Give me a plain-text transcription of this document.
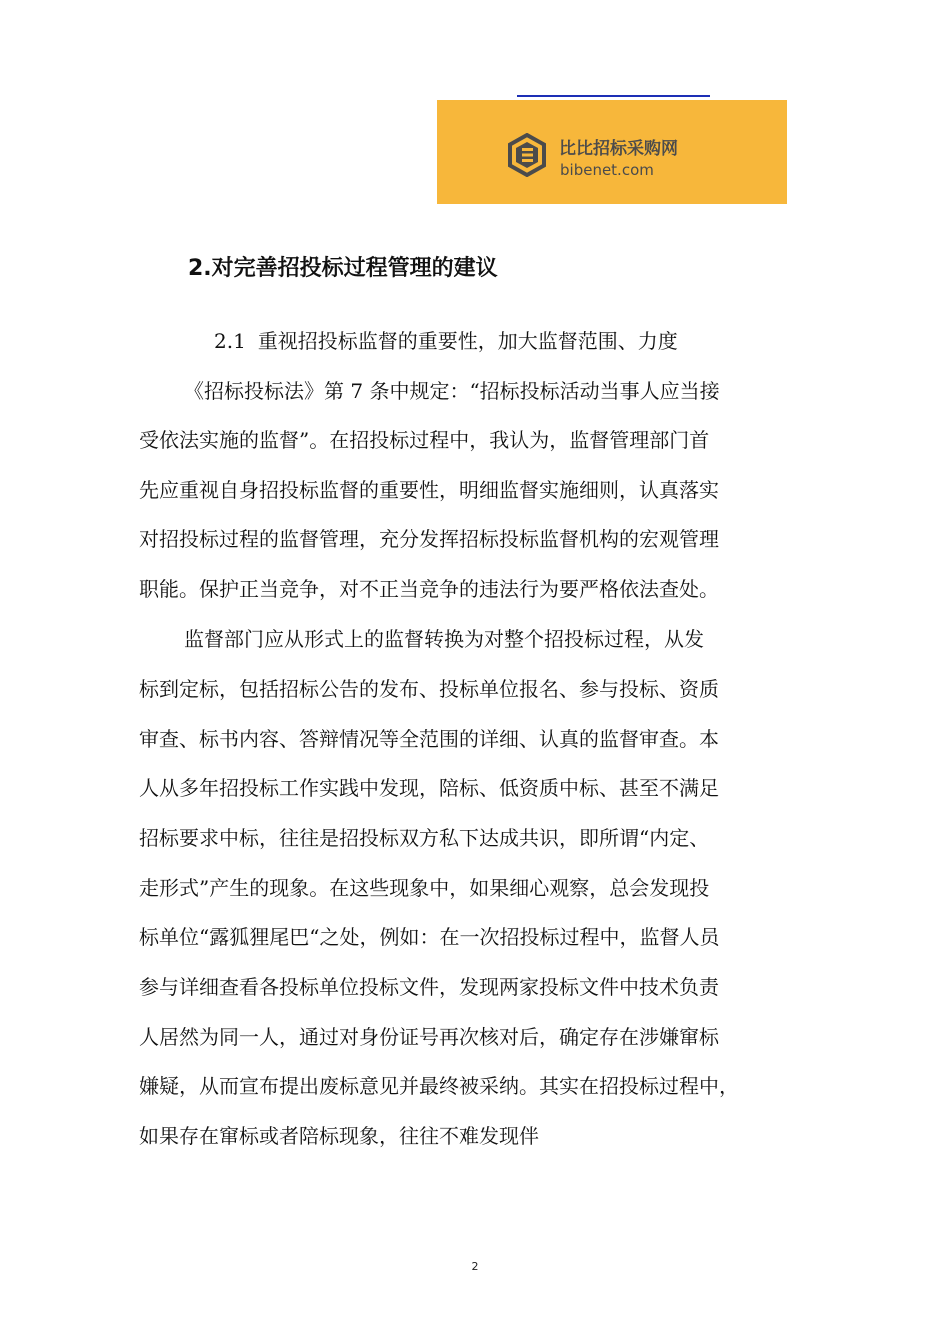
比比招标采购网
bibenet.com
2.对完善招投标过程管理的建议
2.1 重视招投标监督的重要性，加大监督范围、力度
《招标投标法》第 7 条中规定：“招标投标活动当事人应当接
受依法实施的监督”。在招投标过程中，我认为，监督管理部门首
先应重视自身招投标监督的重要性，明细监督实施细则，认真落实
对招投标过程的监督管理，充分发挥招标投标监督机构的宏观管理
职能。保护正当竞争，对不正当竞争的违法行为要严格依法查处。
监督部门应从形式上的监督转换为对整个招投标过程，从发
标到定标，包括招标公告的发布、投标单位报名、参与投标、资质
审查、标书内容、答辩情况等全范围的详细、认真的监督审查。本
人从多年招投标工作实践中发现，陪标、低资质中标、甚至不满足
招标要求中标，往往是招投标双方私下达成共识，即所谓“内定、
走形式”产生的现象。在这些现象中，如果细心观察，总会发现投
标单位“露狐狸尾巴“之处，例如：在一次招投标过程中，监督人员
参与详细查看各投标单位投标文件，发现两家投标文件中技术负责
人居然为同一人，通过对身份证号再次核对后，确定存在涉嫌窜标
嫌疑，从而宣布提出废标意见并最终被采纳。其实在招投标过程中，
如果存在窜标或者陪标现象，往往不难发现伴
2
